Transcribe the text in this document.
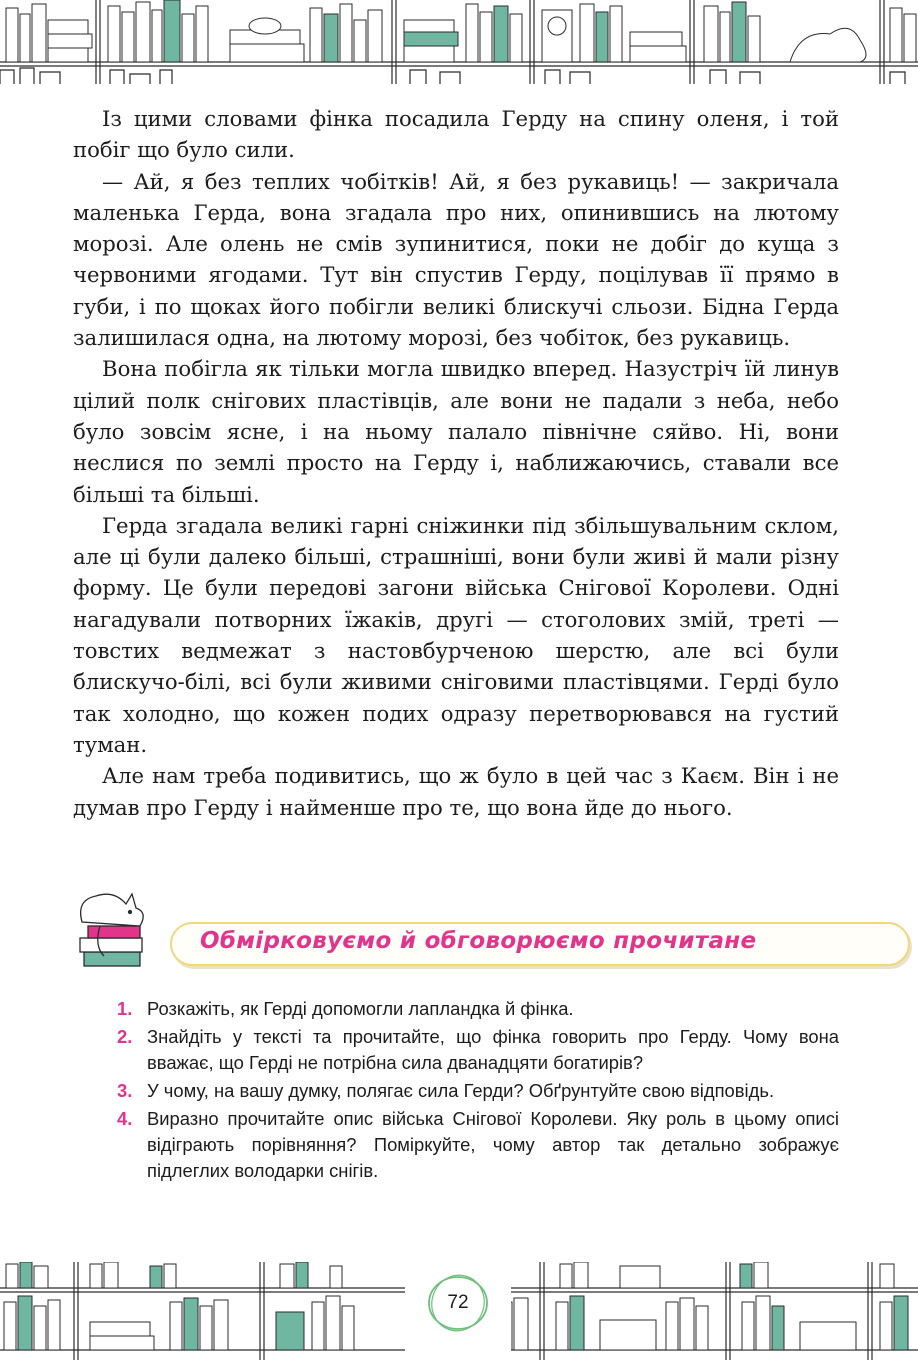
Із цими словами фінка посадила Герду на спину оленя, і той побіг що було сили.

— Ай, я без теплих чобітків! Ай, я без рукавиць! — закричала маленька Герда, вона згадала про них, опинившись на лютому морозі. Але олень не смів зупинитися, поки не добіг до куща з червоними ягодами. Тут він спустив Герду, поцілував її прямо в губи, і по щоках його побігли великі блискучі сльози. Бідна Герда залишилася одна, на лютому морозі, без чобіток, без рукавиць.

Вона побігла як тільки могла швидко вперед. Назустріч їй линув цілий полк снігових пластівців, але вони не падали з неба, небо було зовсім ясне, і на ньому палало північне сяйво. Ні, вони неслися по землі просто на Герду і, наближаючись, ставали все більші та більші.

Герда згадала великі гарні сніжинки під збільшувальним склом, але ці були далеко більші, страшніші, вони були живі й мали різну форму. Це були передові загони війська Снігової Королеви. Одні нагадували потворних їжаків, другі — стоголових змій, треті — товстих ведмежат з настовбурченою шерстю, але всі були блискучо-білі, всі були живими сніговими пластівцями. Герді було так холодно, що кожен подих одразу перетворювався на густий туман.

Але нам треба подивитись, що ж було в цей час з Каєм. Він і не думав про Герду і найменше про те, що вона йде до нього.

Обмірковуємо й обговорюємо прочитане
1. Розкажіть, як Герді допомогли лапландка й фінка.
2. Знайдіть у тексті та прочитайте, що фінка говорить про Герду. Чому вона вважає, що Герді не потрібна сила дванадцяти богатирів?
3. У чому, на вашу думку, полягає сила Герди? Обґрунтуйте свою відповідь.
4. Виразно прочитайте опис війська Снігової Королеви. Яку роль в цьому описі відіграють порівняння? Поміркуйте, чому автор так детально зображує підлеглих володарки снігів.
72
